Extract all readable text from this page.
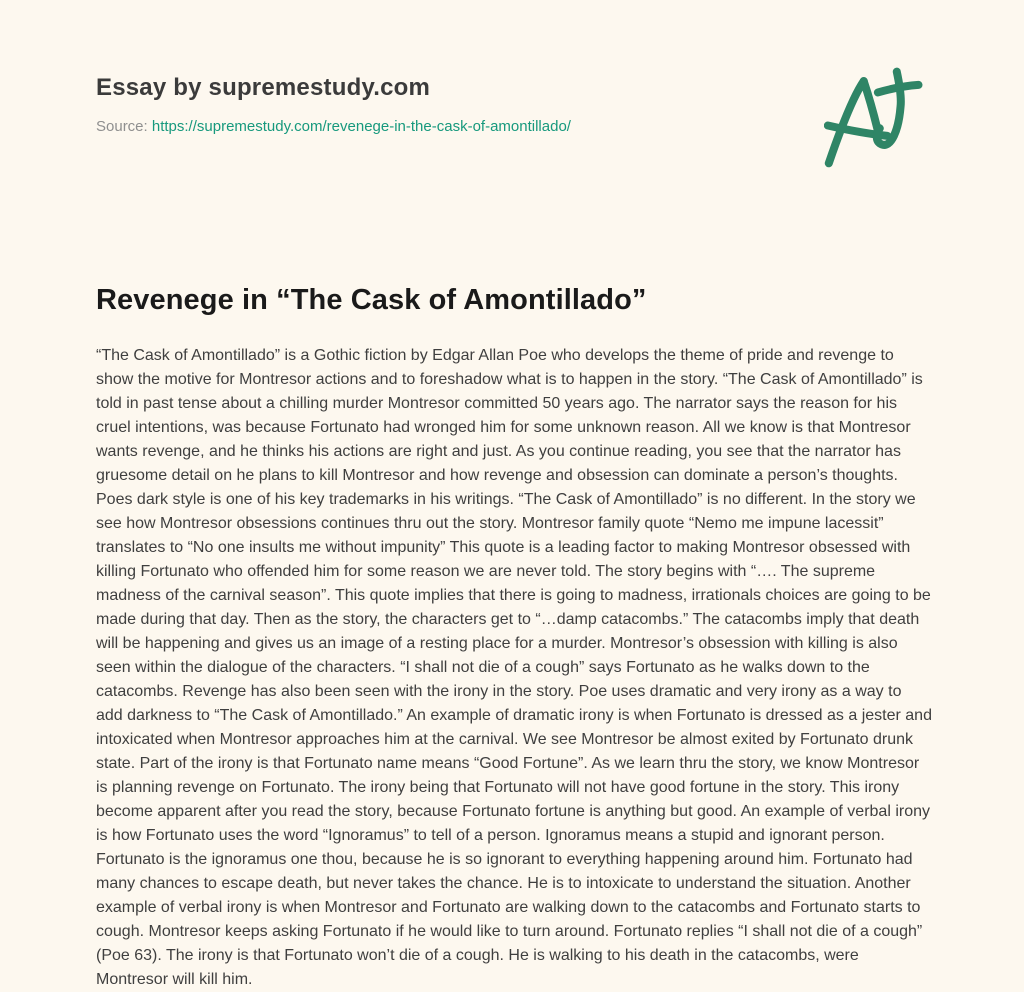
Essay by supremestudy.com
Source: https://supremestudy.com/revenege-in-the-cask-of-amontillado/
Revenege in “The Cask of Amontillado”

“The Cask of Amontillado” is a Gothic fiction by Edgar Allan Poe who develops the theme of pride and revenge to show the motive for Montresor actions and to foreshadow what is to happen in the story. “The Cask of Amontillado” is told in past tense about a chilling murder Montresor committed 50 years ago. The narrator says the reason for his cruel intentions, was because Fortunato had wronged him for some unknown reason. All we know is that Montresor wants revenge, and he thinks his actions are right and just. As you continue reading, you see that the narrator has gruesome detail on he plans to kill Montresor and how revenge and obsession can dominate a person’s thoughts. Poes dark style is one of his key trademarks in his writings. “The Cask of Amontillado” is no different. In the story we see how Montresor obsessions continues thru out the story. Montresor family quote “Nemo me impune lacessit” translates to “No one insults me without impunity” This quote is a leading factor to making Montresor obsessed with killing Fortunato who offended him for some reason we are never told. The story begins with “…. The supreme madness of the carnival season”. This quote implies that there is going to madness, irrationals choices are going to be made during that day. Then as the story, the characters get to “…damp catacombs.” The catacombs imply that death will be happening and gives us an image of a resting place for a murder. Montresor’s obsession with killing is also seen within the dialogue of the characters. “I shall not die of a cough” says Fortunato as he walks down to the catacombs. Revenge has also been seen with the irony in the story. Poe uses dramatic and very irony as a way to add darkness to “The Cask of Amontillado.” An example of dramatic irony is when Fortunato is dressed as a jester and intoxicated when Montresor approaches him at the carnival. We see Montresor be almost exited by Fortunato drunk state. Part of the irony is that Fortunato name means “Good Fortune”. As we learn thru the story, we know Montresor is planning revenge on Fortunato. The irony being that Fortunato will not have good fortune in the story. This irony become apparent after you read the story, because Fortunato fortune is anything but good. An example of verbal irony is how Fortunato uses the word “Ignoramus” to tell of a person. Ignoramus means a stupid and ignorant person. Fortunato is the ignoramus one thou, because he is so ignorant to everything happening around him. Fortunato had many chances to escape death, but never takes the chance. He is to intoxicate to understand the situation. Another example of verbal irony is when Montresor and Fortunato are walking down to the catacombs and Fortunato starts to cough. Montresor keeps asking Fortunato if he would like to turn around. Fortunato replies “I shall not die of a cough” (Poe 63). The irony is that Fortunato won’t die of a cough. He is walking to his death in the catacombs, were Montresor will kill him.
